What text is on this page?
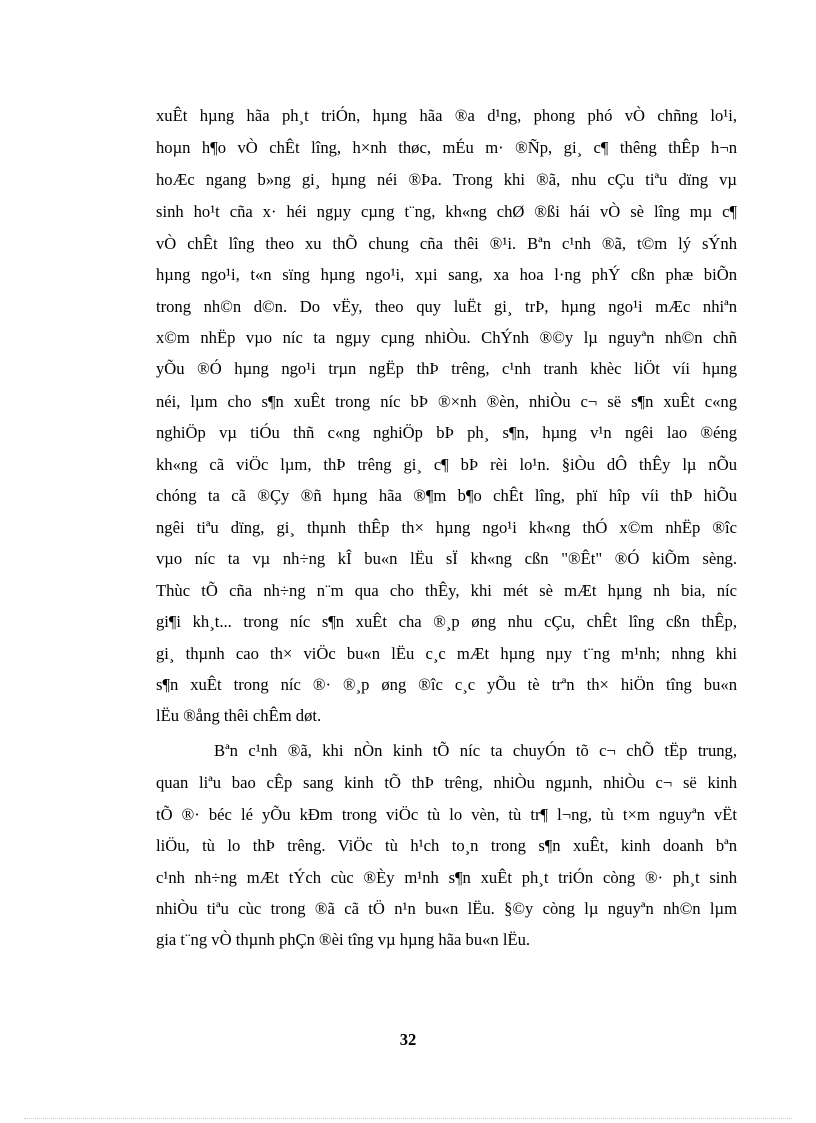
xuÊt hµng hãa ph¸t triÓn, hµng hãa ®a d¹ng, phong phó vÒ chñng lo¹i,
hoµn h¶o vÒ chÊt lîng, h×nh thøc, mÉu m· ®Ñp, gi¸ c¶ thêng thÊp h¬n
hoÆc ngang b»ng gi¸ hµng néi ®Þa. Trong khi ®ã, nhu cÇu tiªu dïng vµ
sinh ho¹t cña x· héi ngµy cµng t¨ng, kh«ng chØ ®ßi hái vÒ sè lîng mµ c¶
vÒ chÊt lîng theo xu thÕ chung cña thêi ®¹i. Bªn c¹nh ®ã, t©m lý sÝnh
hµng ngo¹i, t«n sïng hµng ngo¹i, xµi sang, xa hoa l·ng phÝ cßn phæ biÕn
trong nh©n d©n. Do vËy, theo quy luËt gi¸ trÞ, hµng ngo¹i mÆc nhiªn
x©m nhËp vµo níc ta ngµy cµng nhiÒu. ChÝnh ®©y lµ nguyªn nh©n chñ
yÕu ®Ó hµng ngo¹i trµn ngËp thÞ trêng, c¹nh tranh khèc liÖt víi hµng
néi, lµm cho s¶n xuÊt trong níc bÞ ®×nh ®èn, nhiÒu c¬ së s¶n xuÊt c«ng
nghiÖp vµ tiÓu thñ c«ng nghiÖp bÞ ph¸ s¶n, hµng v¹n ngêi lao ®éng
kh«ng cã viÖc lµm, thÞ trêng gi¸ c¶ bÞ rèi lo¹n. §iÒu dÔ thÊy lµ nÕu
chóng ta cã ®Çy ®ñ hµng hãa ®¶m b¶o chÊt lîng, phï hîp víi thÞ hiÕu
ngêi tiªu dïng, gi¸ thµnh thÊp th× hµng ngo¹i kh«ng thÓ x©m nhËp ®îc
vµo níc ta vµ nh÷ng kÎ bu«n lËu sÏ kh«ng cßn "®Êt" ®Ó kiÕm sèng.
Thùc tÕ cña nh÷ng n¨m qua cho thÊy, khi mét sè mÆt hµng nh bia, níc
gi¶i kh¸t... trong níc s¶n xuÊt cha ®¸p øng nhu cÇu, chÊt lîng cßn thÊp,
gi¸ thµnh cao th× viÖc bu«n lËu c¸c mÆt hµng nµy t¨ng m¹nh; nhng khi
s¶n xuÊt trong níc ®· ®¸p øng ®îc c¸c yÕu tè trªn th× hiÖn tîng bu«n
lËu ®ång thêi chÊm døt.
Bªn c¹nh ®ã, khi nÒn kinh tÕ níc ta chuyÓn tõ c¬ chÕ tËp trung,
quan liªu bao cÊp sang kinh tÕ thÞ trêng, nhiÒu ngµnh, nhiÒu c¬ së kinh
tÕ ®· béc lé yÕu kÐm trong viÖc tù lo vèn, tù tr¶ l¬ng, tù t×m nguyªn vËt
liÖu, tù lo thÞ trêng. ViÖc tù h¹ch to¸n trong s¶n xuÊt, kinh doanh bªn
c¹nh nh÷ng mÆt tÝch cùc ®Èy m¹nh s¶n xuÊt ph¸t triÓn còng ®· ph¸t sinh
nhiÒu tiªu cùc trong ®ã cã tÖ n¹n bu«n lËu. §©y còng lµ nguyªn nh©n lµm
gia t¨ng vÒ thµnh phÇn ®èi tîng vµ hµng hãa bu«n lËu.
32
